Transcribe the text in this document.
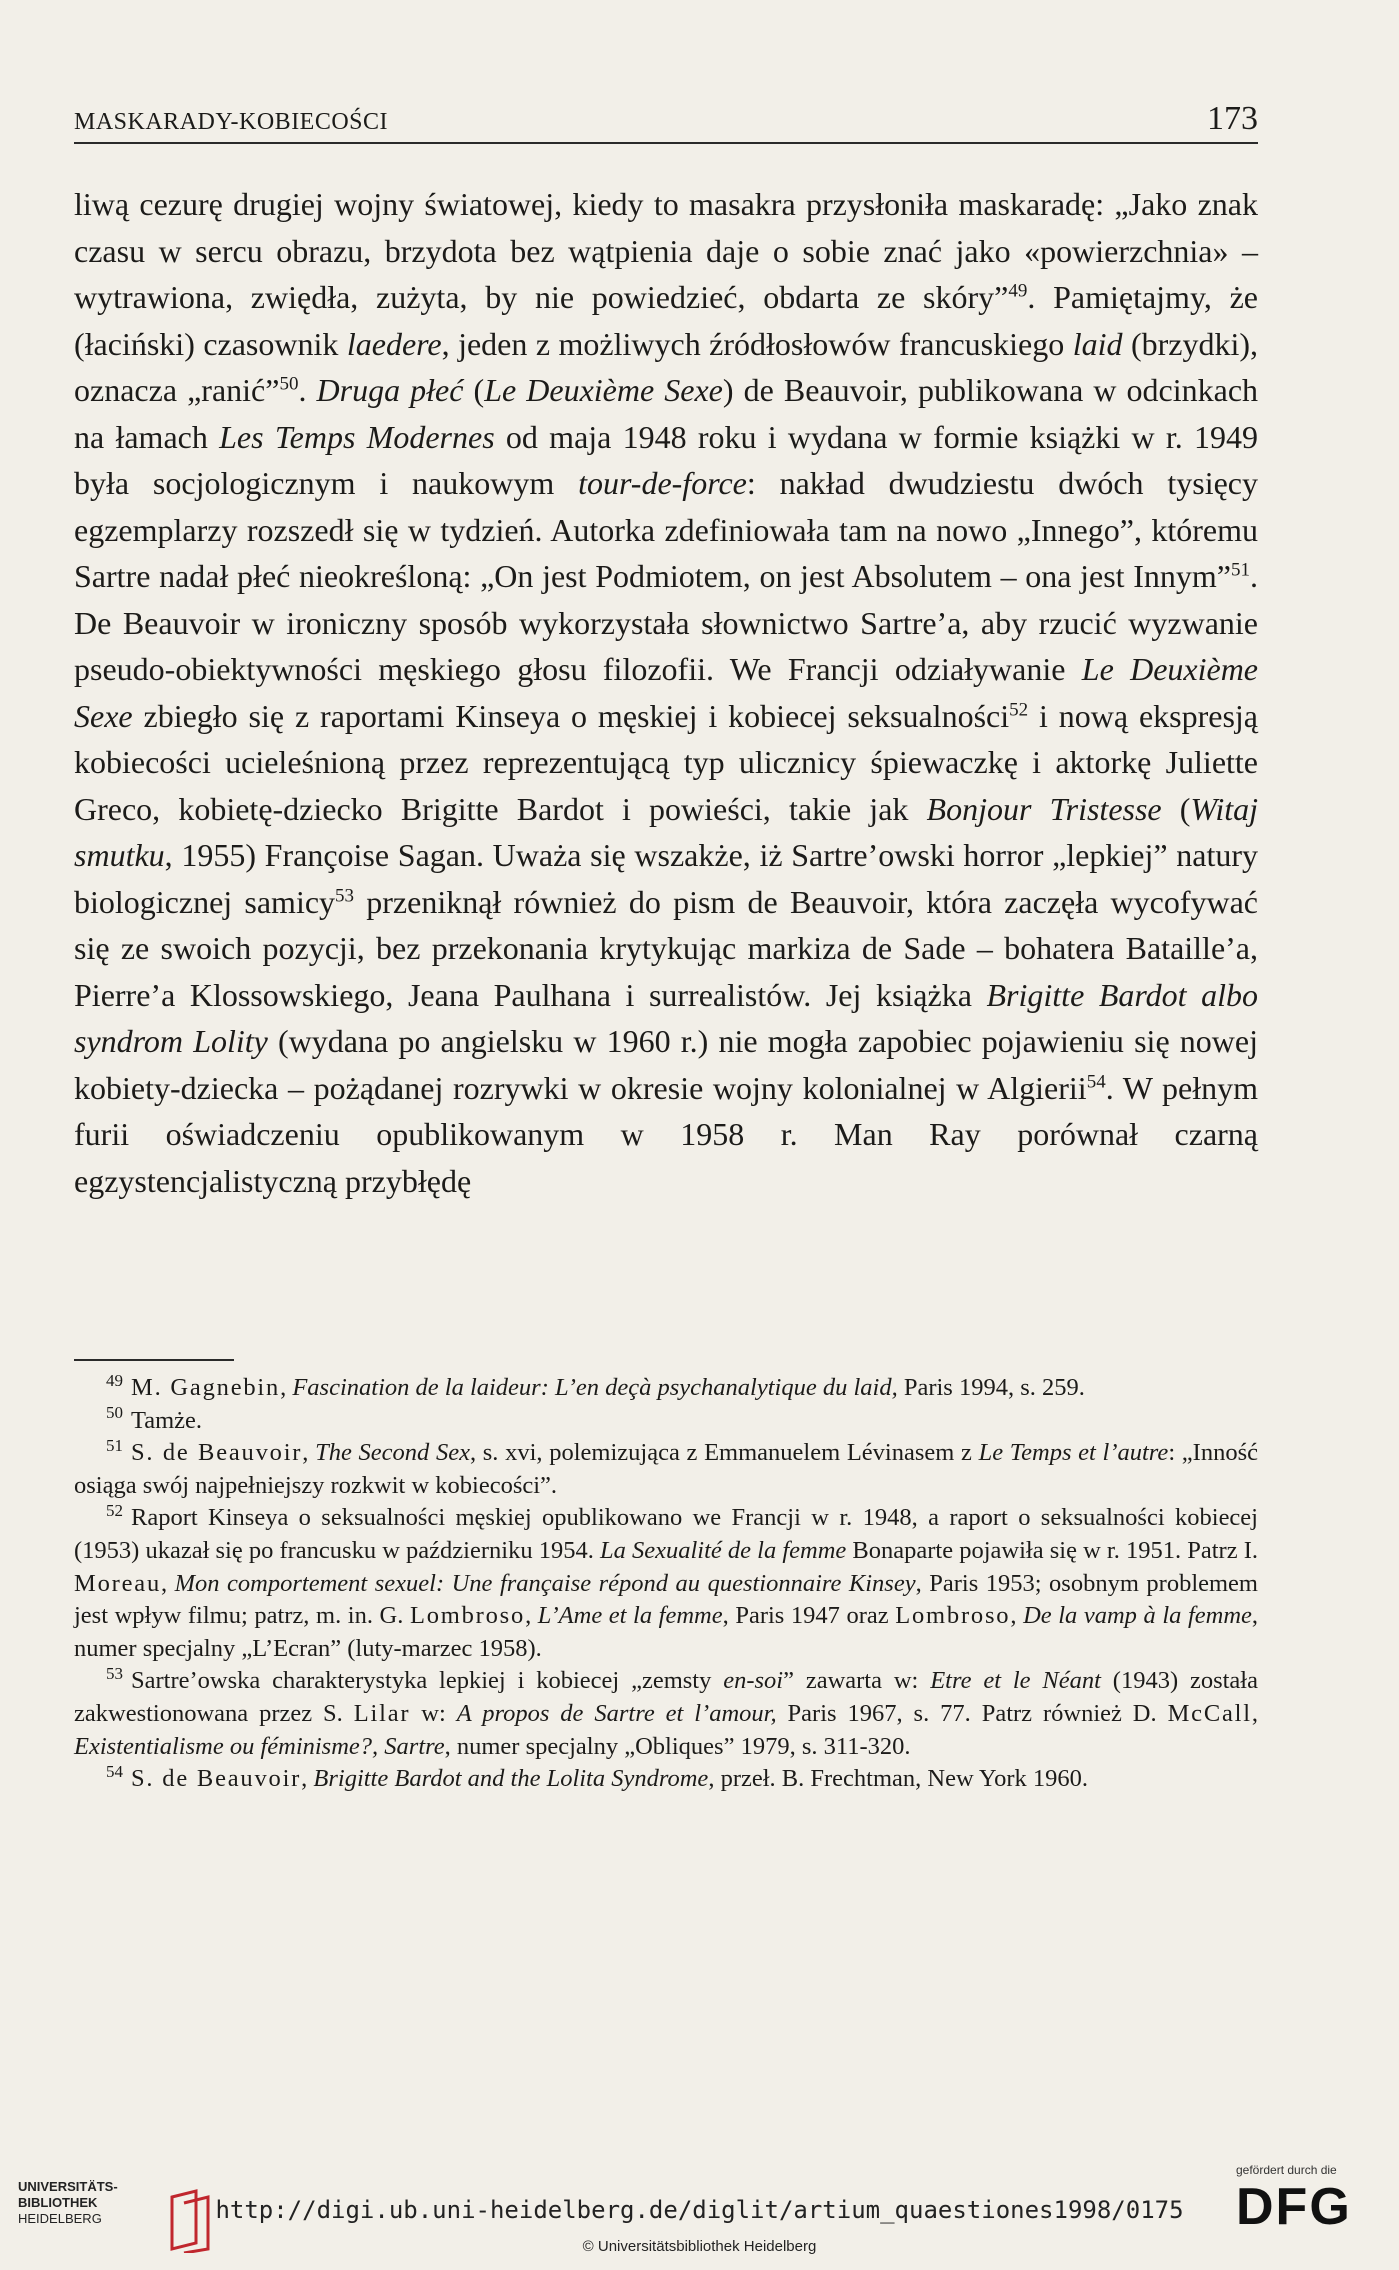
MASKARADY-KOBIECOŚCI	173

liwą cezurę drugiej wojny światowej, kiedy to masakra przysłoniła maskaradę: „Jako znak czasu w sercu obrazu, brzydota bez wątpienia daje o sobie znać jako «powierzchnia» – wytrawiona, zwiędła, zużyta, by nie powiedzieć, obdarta ze skóry”$^{49}$. Pamiętajmy, że (łaciński) czasownik laedere, jeden z możliwych źródłosłowów francuskiego laid (brzydki), oznacza „ranić”$^{50}$. Druga płeć (Le Deuxième Sexe) de Beauvoir, publikowana w odcinkach na łamach Les Temps Modernes od maja 1948 roku i wydana w formie książki w r. 1949 była socjologicznym i naukowym tour-de-force: nakład dwudziestu dwóch tysięcy egzemplarzy rozszedł się w tydzień. Autorka zdefiniowała tam na nowo „Innego”, któremu Sartre nadał płeć nieokreśloną: „On jest Podmiotem, on jest Absolutem – ona jest Innym”$^{51}$. De Beauvoir w ironiczny sposób wykorzystała słownictwo Sartre’a, aby rzucić wyzwanie pseudo-obiektywności męskiego głosu filozofii. We Francji odziaływanie Le Deuxième Sexe zbiegło się z raportami Kinseya o męskiej i kobiecej seksualności$^{52}$ i nową ekspresją kobiecości ucieleśnioną przez reprezentującą typ ulicznicy śpiewaczkę i aktorkę Juliette Greco, kobietę-dziecko Brigitte Bardot i powieści, takie jak Bonjour Tristesse (Witaj smutku, 1955) Françoise Sagan. Uważa się wszakże, iż Sartre’owski horror „lepkiej” natury biologicznej samicy$^{53}$ przeniknął również do pism de Beauvoir, która zaczęła wycofywać się ze swoich pozycji, bez przekonania krytykując markiza de Sade – bohatera Bataille’a, Pierre’a Klossowskiego, Jeana Paulhana i surrealistów. Jej książka Brigitte Bardot albo syndrom Lolity (wydana po angielsku w 1960 r.) nie mogła zapobiec pojawieniu się nowej kobiety-dziecka – pożądanej rozrywki w okresie wojny kolonialnej w Algierii$^{54}$. W pełnym furii oświadczeniu opublikowanym w 1958 r. Man Ray porównał czarną egzystencjalistyczną przybłędę

$^{49}$ M. Gagnebin, Fascination de la laideur: L’en deçà psychanalytique du laid, Paris 1994, s. 259.

$^{50}$ Tamże.

$^{51}$ S. de Beauvoir, The Second Sex, s. xvi, polemizująca z Emmanuelem Lévinasem z Le Temps et l’autre: „Inność osiąga swój najpełniejszy rozkwit w kobiecości”.

$^{52}$ Raport Kinseya o seksualności męskiej opublikowano we Francji w r. 1948, a raport o seksualności kobiecej (1953) ukazał się po francusku w październiku 1954. La Sexualité de la femme Bonaparte pojawiła się w r. 1951. Patrz I. Moreau, Mon comportement sexuel: Une française répond au questionnaire Kinsey, Paris 1953; osobnym problemem jest wpływ filmu; patrz, m. in. G. Lombroso, L’Ame et la femme, Paris 1947 oraz Lombroso, De la vamp à la femme, numer specjalny „L’Ecran” (luty-marzec 1958).

$^{53}$ Sartre’owska charakterystyka lepkiej i kobiecej „zemsty en-soi” zawarta w: Etre et le Néant (1943) została zakwestionowana przez S. Lilar w: A propos de Sartre et l’amour, Paris 1967, s. 77. Patrz również D. McCall, Existentialisme ou féminisme?, Sartre, numer specjalny „Obliques” 1979, s. 311-320.

$^{54}$ S. de Beauvoir, Brigitte Bardot and the Lolita Syndrome, przeł. B. Frechtman, New York 1960.

UNIVERSITÄTS-
BIBLIOTHEK
HEIDELBERG	http://digi.ub.uni-heidelberg.de/diglit/artium_quaestiones1998/0175
© Universitätsbibliothek Heidelberg
gefördert durch die
DFG
